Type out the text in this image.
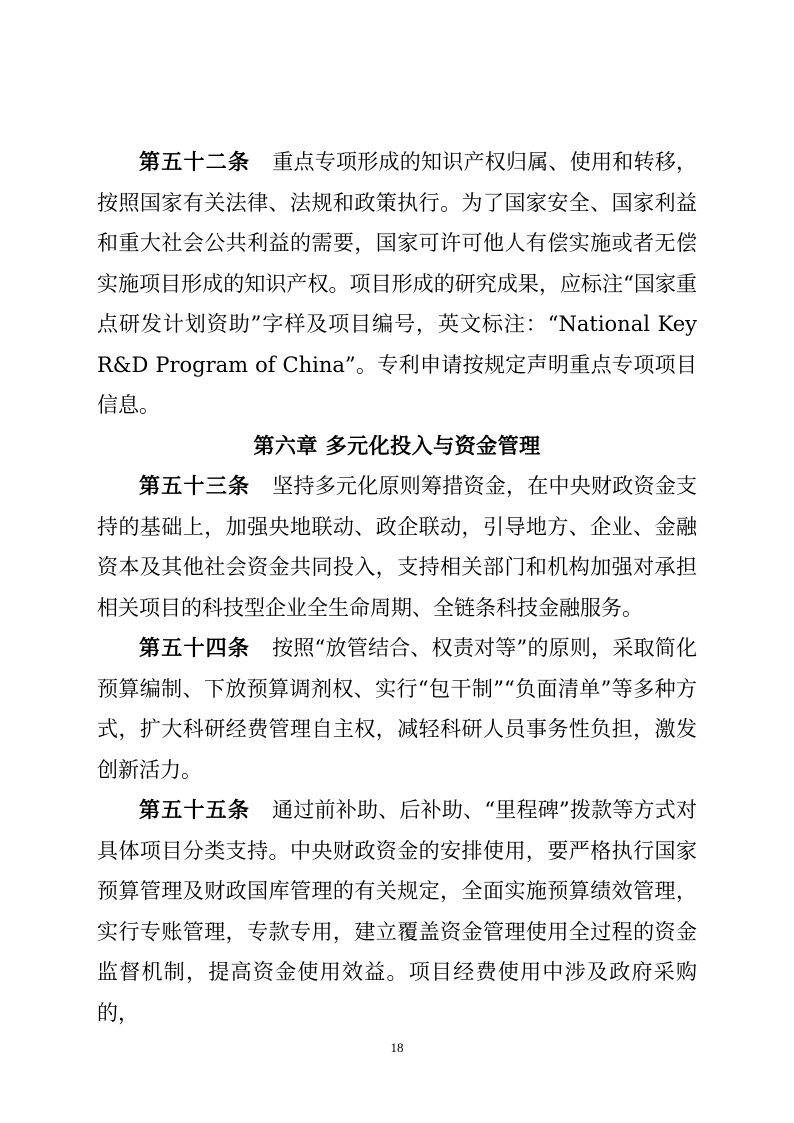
第五十二条 重点专项形成的知识产权归属、使用和转移，按照国家有关法律、法规和政策执行。为了国家安全、国家利益和重大社会公共利益的需要，国家可许可他人有偿实施或者无偿实施项目形成的知识产权。项目形成的研究成果，应标注“国家重点研发计划资助”字样及项目编号，英文标注：“National Key R&D Program of China”。专利申请按规定声明重点专项项目信息。

第六章 多元化投入与资金管理

第五十三条 坚持多元化原则筹措资金，在中央财政资金支持的基础上，加强央地联动、政企联动，引导地方、企业、金融资本及其他社会资金共同投入，支持相关部门和机构加强对承担相关项目的科技型企业全生命周期、全链条科技金融服务。

第五十四条 按照“放管结合、权责对等”的原则，采取简化预算编制、下放预算调剂权、实行“包干制”“负面清单”等多种方式，扩大科研经费管理自主权，减轻科研人员事务性负担，激发创新活力。

第五十五条 通过前补助、后补助、“里程碑”拨款等方式对具体项目分类支持。中央财政资金的安排使用，要严格执行国家预算管理及财政国库管理的有关规定，全面实施预算绩效管理，实行专账管理，专款专用，建立覆盖资金管理使用全过程的资金监督机制，提高资金使用效益。项目经费使用中涉及政府采购的，

18
